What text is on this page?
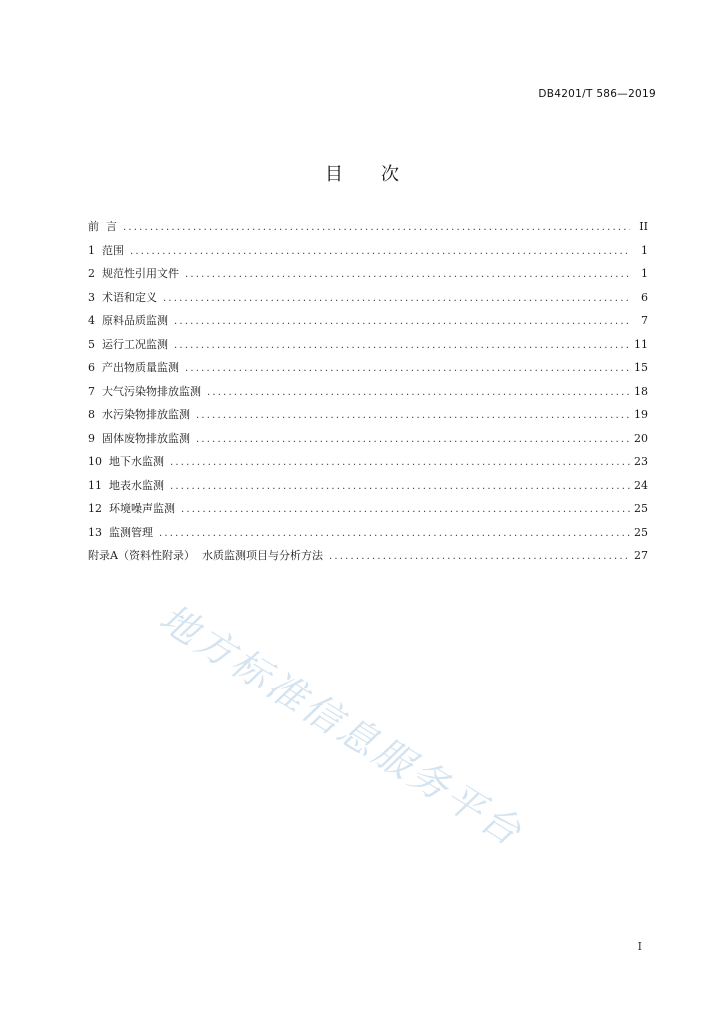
DB4201/T 586—2019
目 次
前 言 .....	II
1 范围 .....	1
2 规范性引用文件 .....	1
3 术语和定义 .....	6
4 原料品质监测 .....	7
5 运行工况监测 .....	11
6 产出物质量监测 .....	15
7 大气污染物排放监测 .....	18
8 水污染物排放监测 .....	19
9 固体废物排放监测 .....	20
10 地下水监测 .....	23
11 地表水监测 .....	24
12 环境噪声监测 .....	25
13 监测管理 .....	25
附录A （资料性附录）  水质监测项目与分析方法 .....	27
地方标准信息服务平台
I
